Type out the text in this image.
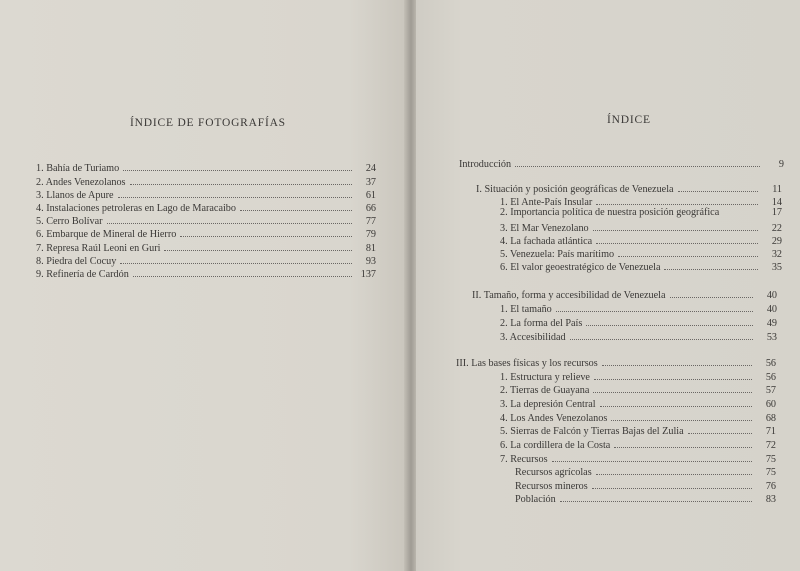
ÍNDICE DE FOTOGRAFÍAS
1. Bahía de Turiamo	24
2. Andes Venezolanos	37
3. Llanos de Apure	61
4. Instalaciones petroleras en Lago de Maracaibo	66
5. Cerro Bolívar	77
6. Embarque de Mineral de Hierro	79
7. Represa Raúl Leoni en Guri	81
8. Piedra del Cocuy	93
9. Refinería de Cardón	137
ÍNDICE
Introducción	9
I. Situación y posición geográficas de Venezuela	11
1. El Ante-País Insular	14
2. Importancia política de nuestra posición geográfica	17
3. El Mar Venezolano	22
4. La fachada atlántica	29
5. Venezuela: País marítimo	32
6. El valor geoestratégico de Venezuela	35
II. Tamaño, forma y accesibilidad de Venezuela	40
1. El tamaño	40
2. La forma del País	49
3. Accesibilidad	53
III. Las bases físicas y los recursos	56
1. Estructura y relieve	56
2. Tierras de Guayana	57
3. La depresión Central	60
4. Los Andes Venezolanos	68
5. Sierras de Falcón y Tierras Bajas del Zulia	71
6. La cordillera de la Costa	72
7. Recursos	75
Recursos agrícolas	75
Recursos mineros	76
Población	83
